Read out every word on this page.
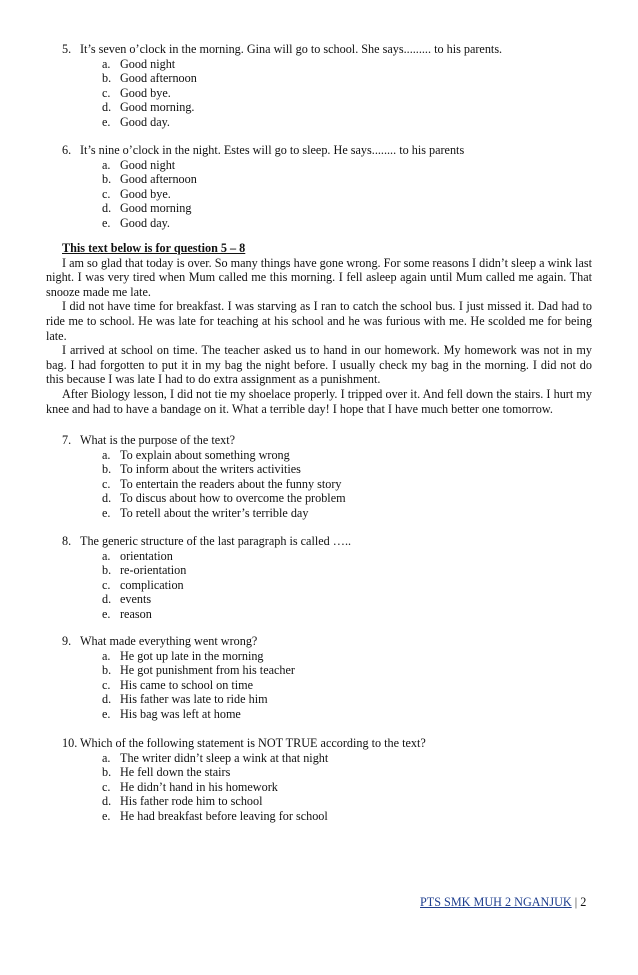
5. It’s seven o’clock in the morning. Gina will go to school. She says......... to his parents.
a. Good night
b. Good afternoon
c. Good bye.
d. Good morning.
e. Good day.
6. It’s nine o’clock in the night. Estes will go to sleep. He says........ to his parents
a. Good night
b. Good afternoon
c. Good bye.
d. Good morning
e. Good day.
This text below is for question 5 – 8

I am so glad that today is over. So many things have gone wrong. For some reasons I didn’t sleep a wink last night. I was very tired when Mum called me this morning. I fell asleep again until Mum called me again. That snooze made me late.

I did not have time for breakfast. I was starving as I ran to catch the school bus. I just missed it. Dad had to ride me to school. He was late for teaching at his school and he was furious with me. He scolded me for being late.

I arrived at school on time. The teacher asked us to hand in our homework. My homework was not in my bag. I had forgotten to put it in my bag the night before. I usually check my bag in the morning. I did not do this because I was late I had to do extra assignment as a punishment.

After Biology lesson, I did not tie my shoelace properly. I tripped over it. And fell down the stairs. I hurt my knee and had to have a bandage on it. What a terrible day! I hope that I have much better one tomorrow.

7. What is the purpose of the text?
a. To explain about something wrong
b. To inform about the writers activities
c. To entertain the readers about the funny story
d. To discus about how to overcome the problem
e. To retell about the writer’s terrible day
8. The generic structure of the last paragraph is called …..
a. orientation
b. re-orientation
c. complication
d. events
e. reason
9. What made everything went wrong?
a. He got up late in the morning
b. He got punishment from his teacher
c. His came to school on time
d. His father was late to ride him
e. His bag was left at home
10. Which of the following statement is NOT TRUE according to the text?
a. The writer didn’t sleep a wink at that night
b. He fell down the stairs
c. He didn’t hand in his homework
d. His father rode him to school
e. He had breakfast before leaving for school
PTS SMK MUH 2 NGANJUK | 2
